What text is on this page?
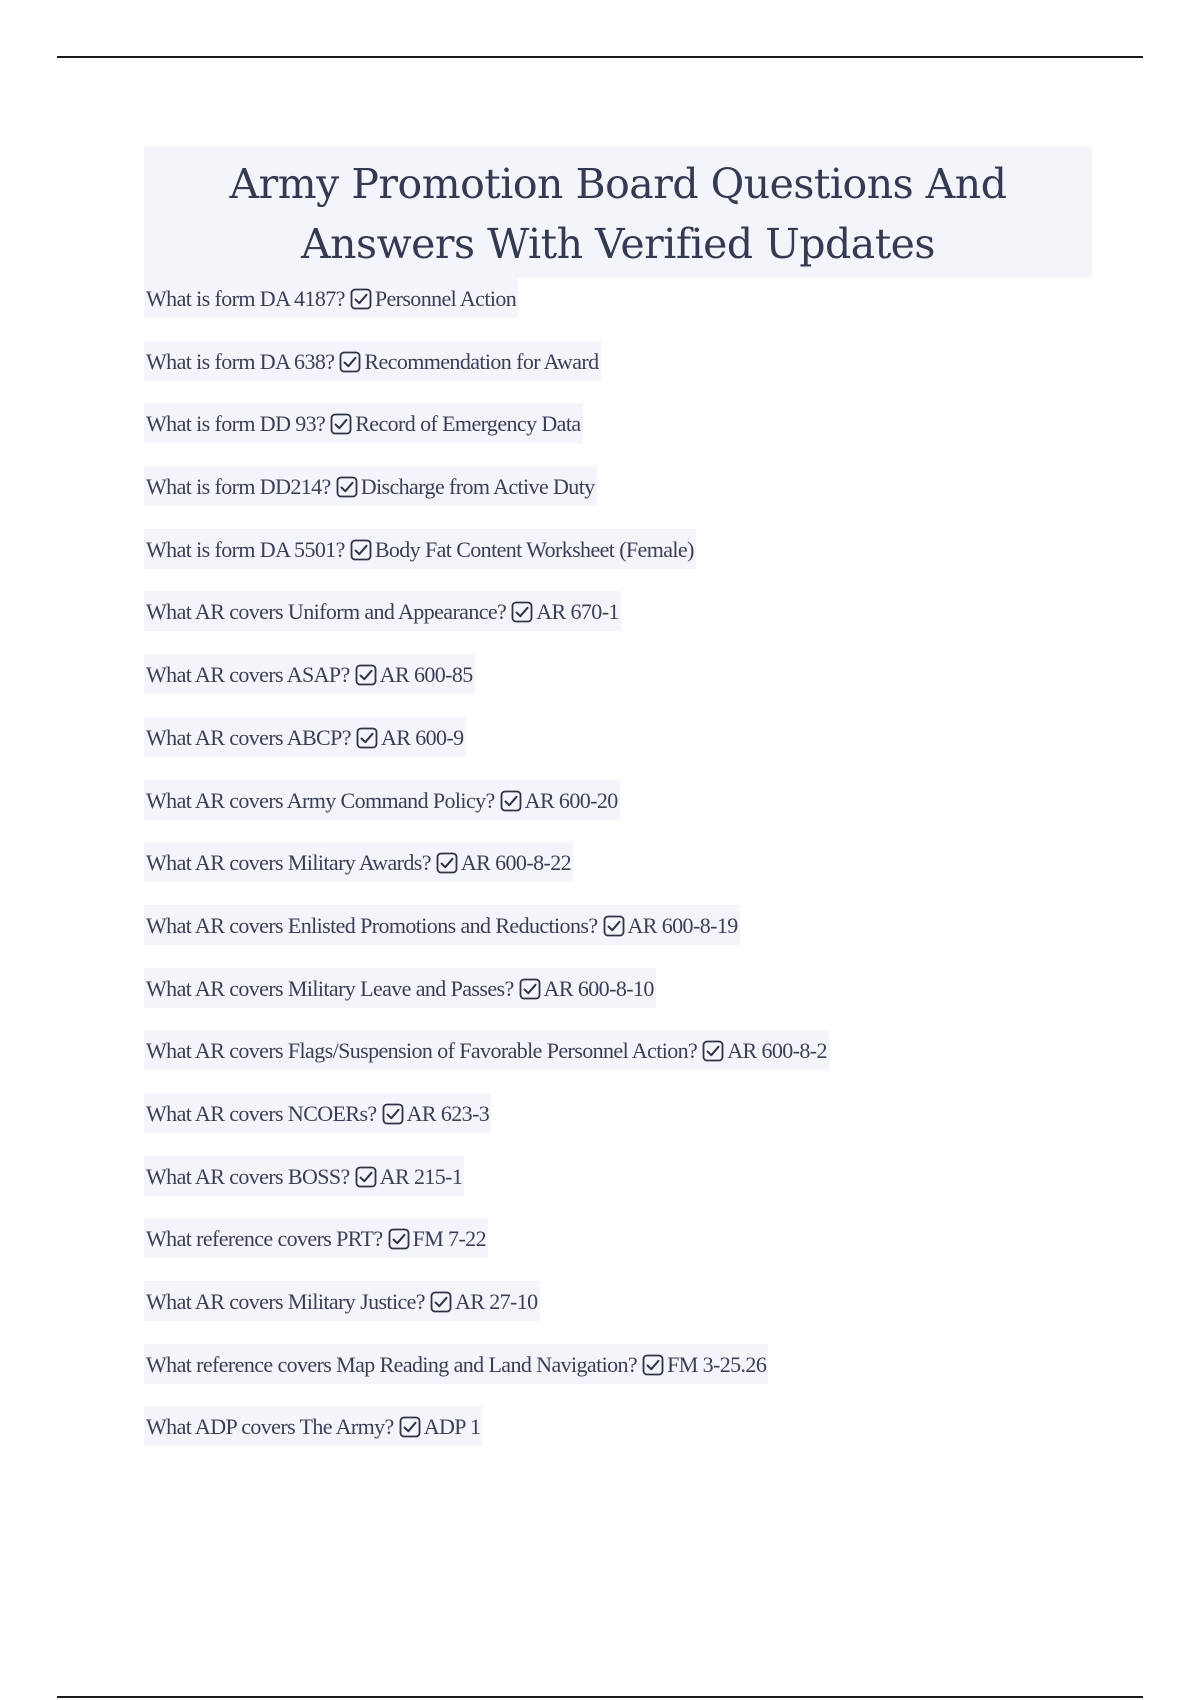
Army Promotion Board Questions And Answers With Verified Updates
What is form DA 4187? Personnel Action
What is form DA 638? Recommendation for Award
What is form DD 93? Record of Emergency Data
What is form DD214? Discharge from Active Duty
What is form DA 5501? Body Fat Content Worksheet (Female)
What AR covers Uniform and Appearance? AR 670-1
What AR covers ASAP? AR 600-85
What AR covers ABCP? AR 600-9
What AR covers Army Command Policy? AR 600-20
What AR covers Military Awards? AR 600-8-22
What AR covers Enlisted Promotions and Reductions? AR 600-8-19
What AR covers Military Leave and Passes? AR 600-8-10
What AR covers Flags/Suspension of Favorable Personnel Action? AR 600-8-2
What AR covers NCOERs? AR 623-3
What AR covers BOSS? AR 215-1
What reference covers PRT? FM 7-22
What AR covers Military Justice? AR 27-10
What reference covers Map Reading and Land Navigation? FM 3-25.26
What ADP covers The Army? ADP 1
